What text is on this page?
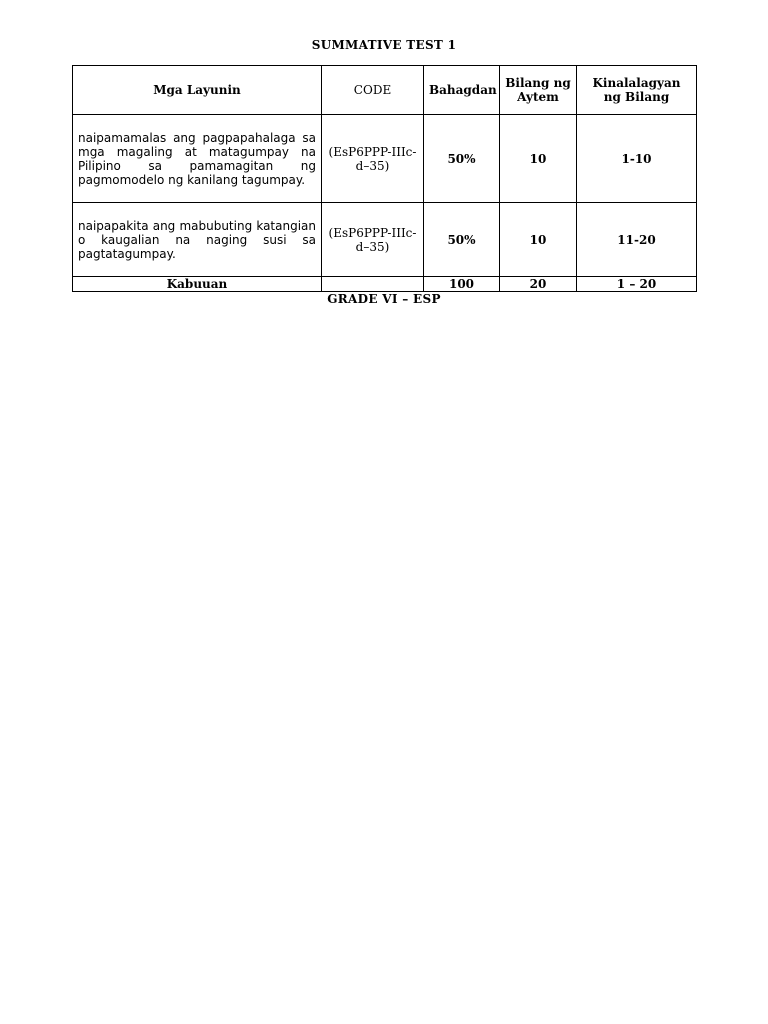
SUMMATIVE TEST 1
Mga Layunin	CODE	Bahagdan	Bilang ng Aytem	Kinalalagyan ng Bilang
naipamamalas ang pagpapahalaga sa mga magaling at matagumpay na Pilipino sa pamamagitan ng pagmomodelo ng kanilang tagumpay.	(EsP6PPP-IIIc-d–35)	50%	10	1-10
naipapakita ang mabubuting katangian o kaugalian na naging susi sa pagtatagumpay.	(EsP6PPP-IIIc-d–35)	50%	10	11-20
Kabuuan		100	20	1 – 20
GRADE VI – ESP
